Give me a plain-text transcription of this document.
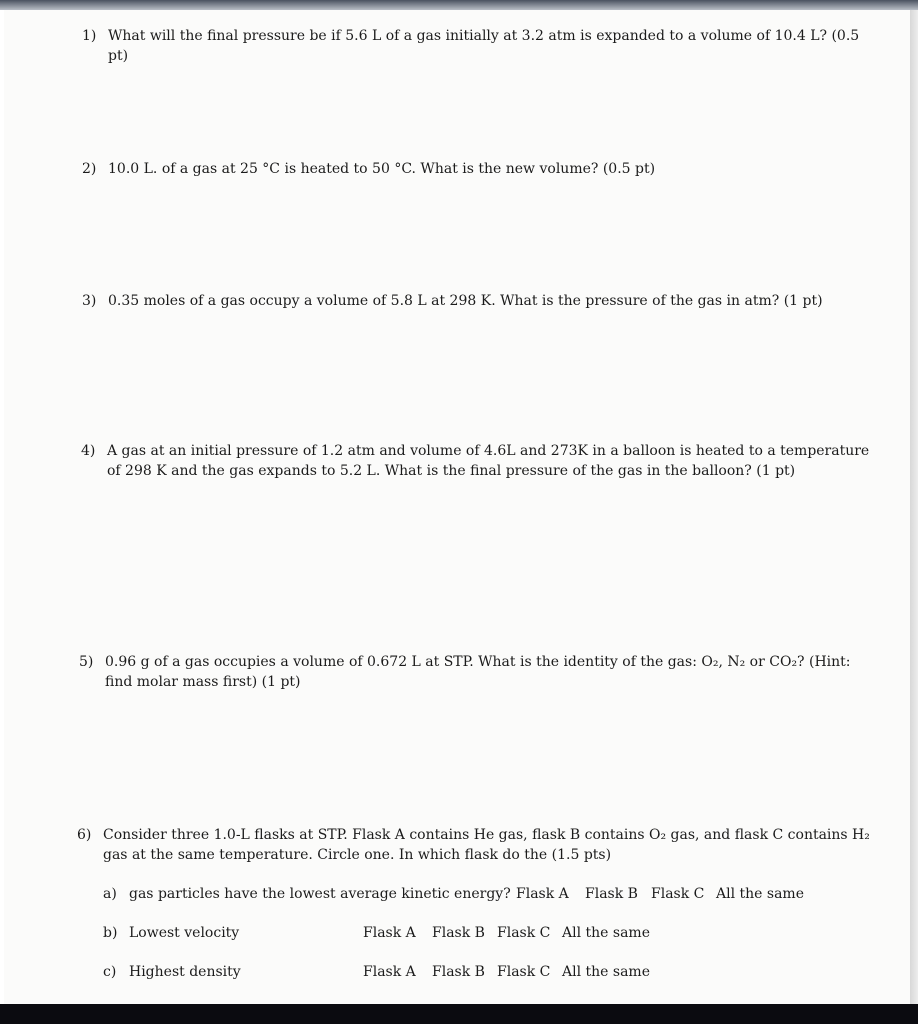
1) What will the final pressure be if 5.6 L of a gas initially at 3.2 atm is expanded to a volume of 10.4 L? (0.5
pt)
2) 10.0 L. of a gas at 25 °C is heated to 50 °C. What is the new volume? (0.5 pt)
3) 0.35 moles of a gas occupy a volume of 5.8 L at 298 K. What is the pressure of the gas in atm? (1 pt)
4) A gas at an initial pressure of 1.2 atm and volume of 4.6L and 273K in a balloon is heated to a temperature
of 298 K and the gas expands to 5.2 L. What is the final pressure of the gas in the balloon? (1 pt)
5) 0.96 g of a gas occupies a volume of 0.672 L at STP. What is the identity of the gas: O₂, N₂ or CO₂? (Hint:
find molar mass first) (1 pt)
6) Consider three 1.0-L flasks at STP. Flask A contains He gas, flask B contains O₂ gas, and flask C contains H₂
gas at the same temperature. Circle one. In which flask do the (1.5 pts)
a) gas particles have the lowest average kinetic energy? Flask A Flask B Flask C All the same
b) Lowest velocity	Flask A Flask B Flask C All the same
c) Highest density	Flask A Flask B Flask C All the same
